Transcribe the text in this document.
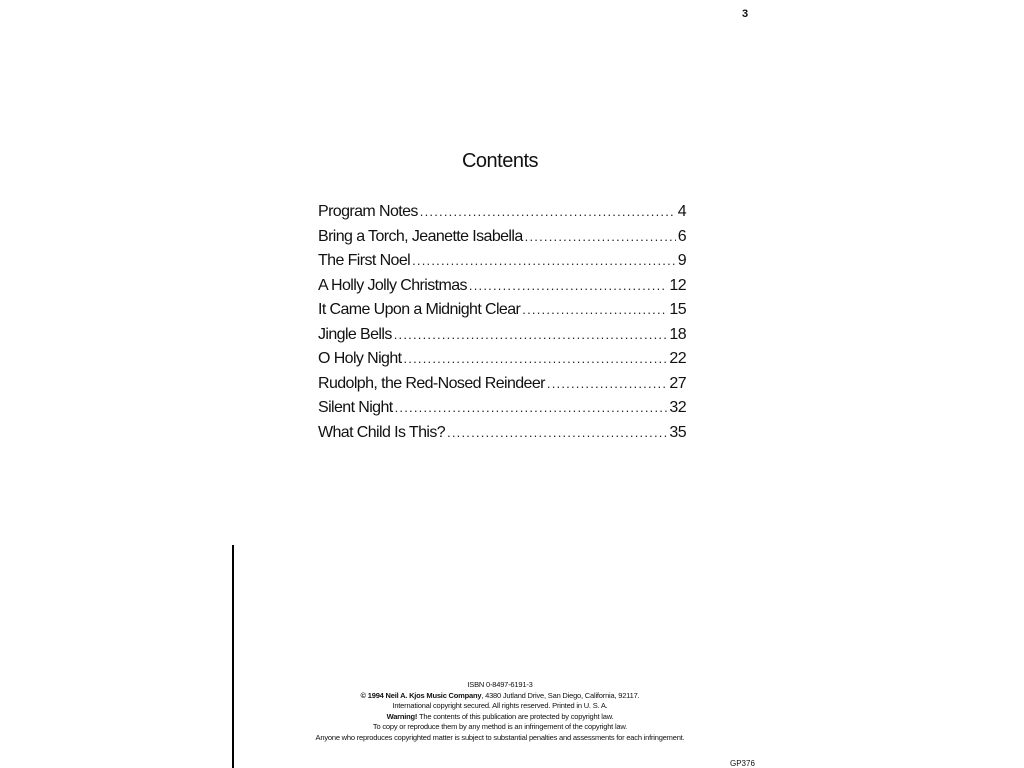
3
Contents
Program Notes .....	4
Bring a Torch, Jeanette Isabella .....	6
The First Noel .....	9
A Holly Jolly Christmas .....	12
It Came Upon a Midnight Clear .....	15
Jingle Bells .....	18
O Holy Night .....	22
Rudolph, the Red-Nosed Reindeer .....	27
Silent Night .....	32
What Child Is This? .....	35
ISBN 0-8497-6191-3
© 1994 Neil A. Kjos Music Company, 4380 Jutland Drive, San Diego, California, 92117.
International copyright secured. All rights reserved. Printed in U. S. A.
Warning! The contents of this publication are protected by copyright law.
To copy or reproduce them by any method is an infringement of the copyright law.
Anyone who reproduces copyrighted matter is subject to substantial penalties and assessments for each infringement.
GP376
